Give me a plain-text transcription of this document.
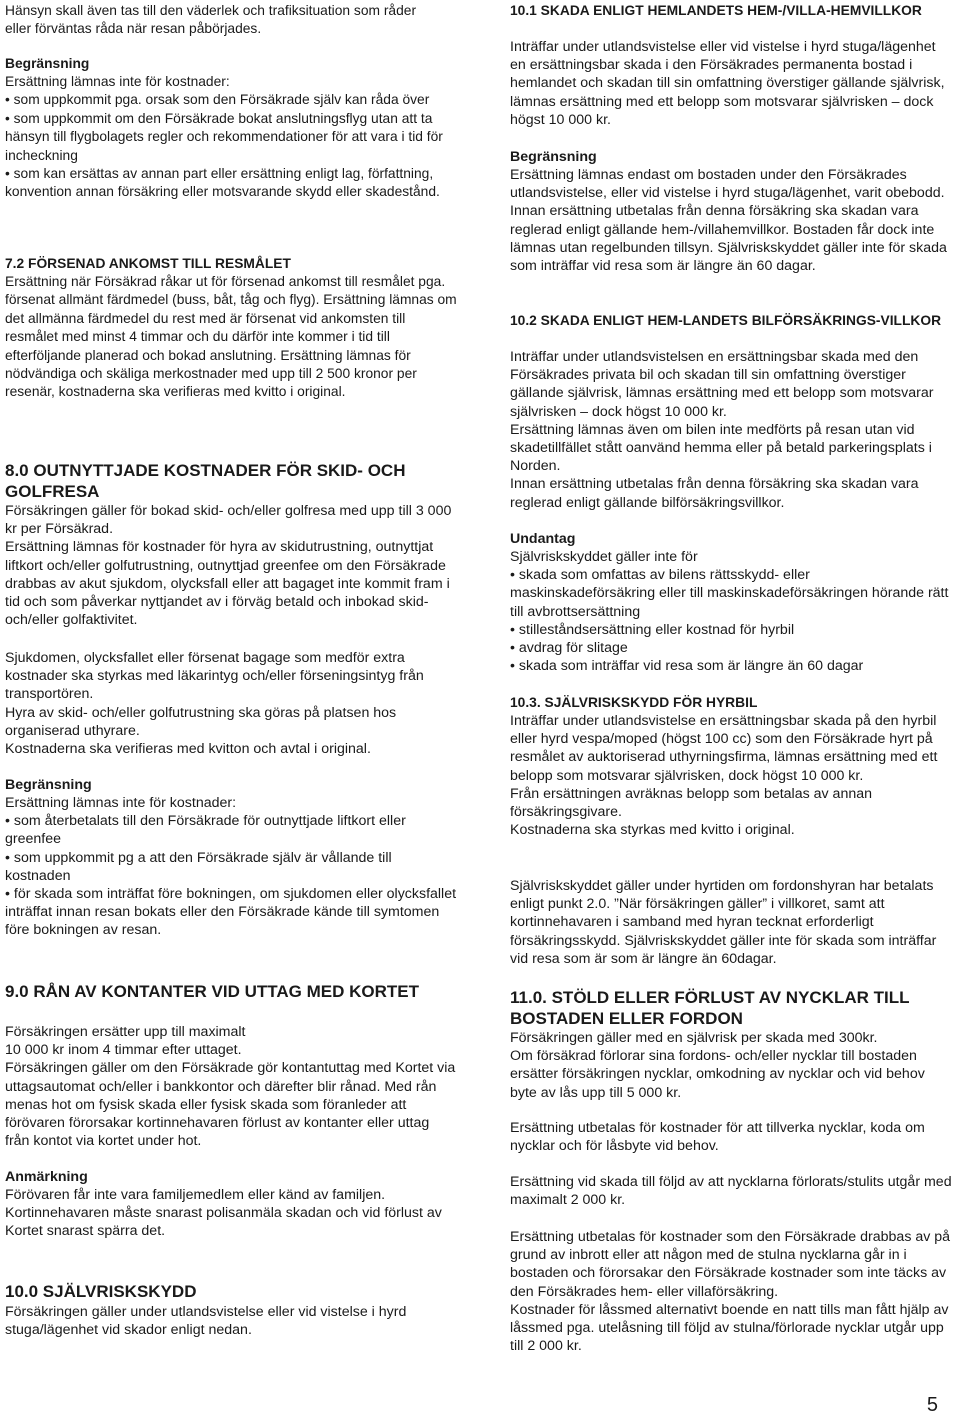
Hänsyn skall även tas till den väderlek och trafiksituation som råder eller förväntas råda när resan påbörjades.

Begränsning

Ersättning lämnas inte för kostnader:
• som uppkommit pga. orsak som den Försäkrade själv kan råda över
• som uppkommit om den Försäkrade bokat anslutningsflyg utan att ta hänsyn till flygbolagets regler och rekommendationer för att vara i tid för incheckning
• som kan ersättas av annan part eller ersättning enligt lag, författning, konvention annan försäkring eller motsvarande skydd eller skadestånd.

7.2 FÖRSENAD ANKOMST TILL RESMÅLET

Ersättning när Försäkrad råkar ut för försenad ankomst till resmålet pga. försenat allmänt färdmedel (buss, båt, tåg och flyg). Ersättning lämnas om det allmänna färdmedel du rest med är försenat vid ankomsten till resmålet med minst 4 timmar och du därför inte kommer i tid till efterföljande planerad och bokad anslutning. Ersättning lämnas för nödvändiga och skäliga merkostnader med upp till 2 500 kronor per resenär, kostnaderna ska verifieras med kvitto i original.

8.0 OUTNYTTJADE KOSTNADER FÖR SKID- OCH GOLFRESA

Försäkringen gäller för bokad skid- och/eller golfresa med upp till 3 000 kr per Försäkrad.
Ersättning lämnas för kostnader för hyra av skidutrustning, outnyttjat liftkort och/eller golfutrustning, outnyttjad greenfee om den Försäkrade drabbas av akut sjukdom, olycksfall eller att bagaget inte kommit fram i tid och som påverkar nyttjandet av i förväg betald och inbokad skid- och/eller golfaktivitet.

Sjukdomen, olycksfallet eller försenat bagage som medför extra kostnader ska styrkas med läkarintyg och/eller förseningsintyg från transportören.
Hyra av skid- och/eller golfutrustning ska göras på platsen hos organiserad uthyrare.
Kostnaderna ska verifieras med kvitton och avtal i original.

Begränsning

Ersättning lämnas inte för kostnader:
• som återbetalats till den Försäkrade för outnyttjade liftkort eller greenfee
• som uppkommit pg a att den Försäkrade själv är vållande till kostnaden
• för skada som inträffat före bokningen, om sjukdomen eller olycksfallet inträffat innan resan bokats eller den Försäkrade kände till symtomen före bokningen av resan.

9.0 RÅN AV KONTANTER VID UTTAG MED KORTET

Försäkringen ersätter upp till maximalt
10 000 kr inom 4 timmar efter uttaget.
Försäkringen gäller om den Försäkrade gör kontantuttag med Kortet via uttagsautomat och/eller i bankkontor och därefter blir rånad. Med rån menas hot om fysisk skada eller fysisk skada som föranleder att förövaren förorsakar kortinnehavaren förlust av kontanter eller uttag från kontot via kortet under hot.

Anmärkning

Förövaren får inte vara familjemedlem eller känd av familjen. Kortinnehavaren måste snarast polisanmäla skadan och vid förlust av Kortet snarast spärra det.

10.0 SJÄLVRISKSKYDD

Försäkringen gäller under utlandsvistelse eller vid vistelse i hyrd stuga/lägenhet vid skador enligt nedan.

10.1 SKADA ENLIGT HEMLANDETS HEM-/VILLA-HEMVILLKOR

Inträffar under utlandsvistelse eller vid vistelse i hyrd stuga/lägenhet en ersättningsbar skada i den Försäkrades permanenta bostad i hemlandet och skadan till sin omfattning överstiger gällande självrisk, lämnas ersättning med ett belopp som motsvarar självrisken – dock högst 10 000 kr.

Begränsning

Ersättning lämnas endast om bostaden under den Försäkrades utlandsvistelse, eller vid vistelse i hyrd stuga/lägenhet, varit obebodd. Innan ersättning utbetalas från denna försäkring ska skadan vara reglerad enligt gällande hem-/villahemvillkor. Bostaden får dock inte lämnas utan regelbunden tillsyn. Självriskskyddet gäller inte för skada som inträffar vid resa som är längre än 60 dagar.

10.2 SKADA ENLIGT HEM-LANDETS BILFÖRSÄKRINGS-VILLKOR

Inträffar under utlandsvistelsen en ersättningsbar skada med den Försäkrades privata bil och skadan till sin omfattning överstiger gällande självrisk, lämnas ersättning med ett belopp som motsvarar självrisken – dock högst 10 000 kr.
Ersättning lämnas även om bilen inte medförts på resan utan vid skadetillfället stått oanvänd hemma eller på betald parkeringsplats i Norden.
Innan ersättning utbetalas från denna försäkring ska skadan vara reglerad enligt gällande bilförsäkringsvillkor.

Undantag

Självriskskyddet gäller inte för
• skada som omfattas av bilens rättsskydd- eller maskinskadeförsäkring eller till maskinskadeförsäkringen hörande rätt till avbrottsersättning
• stilleståndsersättning eller kostnad för hyrbil
• avdrag för slitage
• skada som inträffar vid resa som är längre än 60 dagar

10.3. SJÄLVRISKSKYDD FÖR HYRBIL

Inträffar under utlandsvistelse en ersättningsbar skada på den hyrbil eller hyrd vespa/moped (högst 100 cc) som den Försäkrade hyrt på resmålet av auktoriserad uthyrningsfirma, lämnas ersättning med ett belopp som motsvarar självrisken, dock högst 10 000 kr.
Från ersättningen avräknas belopp som betalas av annan försäkringsgivare.
Kostnaderna ska styrkas med kvitto i original.

Självriskskyddet gäller under hyrtiden om fordonshyran har betalats enligt punkt 2.0. ”När försäkringen gäller” i villkoret, samt att kortinnehavaren i samband med hyran tecknat erforderligt försäkringsskydd. Självriskskyddet gäller inte för skada som inträffar vid resa som är som är längre än 60dagar.

11.0. STÖLD ELLER FÖRLUST AV NYCKLAR TILL BOSTADEN ELLER FORDON

Försäkringen gäller med en självrisk per skada med 300kr.
Om försäkrad förlorar sina fordons- och/eller nycklar till bostaden ersätter försäkringen nycklar, omkodning av nycklar och vid behov byte av lås upp till 5 000 kr.

Ersättning utbetalas för kostnader för att tillverka nycklar, koda om nycklar och för låsbyte vid behov.

Ersättning vid skada till följd av att nycklarna förlorats/stulits utgår med maximalt 2 000 kr.

Ersättning utbetalas för kostnader som den Försäkrade drabbas av på grund av inbrott eller att någon med de stulna nycklarna går in i bostaden och förorsakar den Försäkrade kostnader som inte täcks av den Försäkrades hem- eller villaförsäkring.
Kostnader för låssmed alternativt boende en natt tills man fått hjälp av låssmed pga. utelåsning till följd av stulna/förlorade nycklar utgår upp till 2 000 kr.

5
